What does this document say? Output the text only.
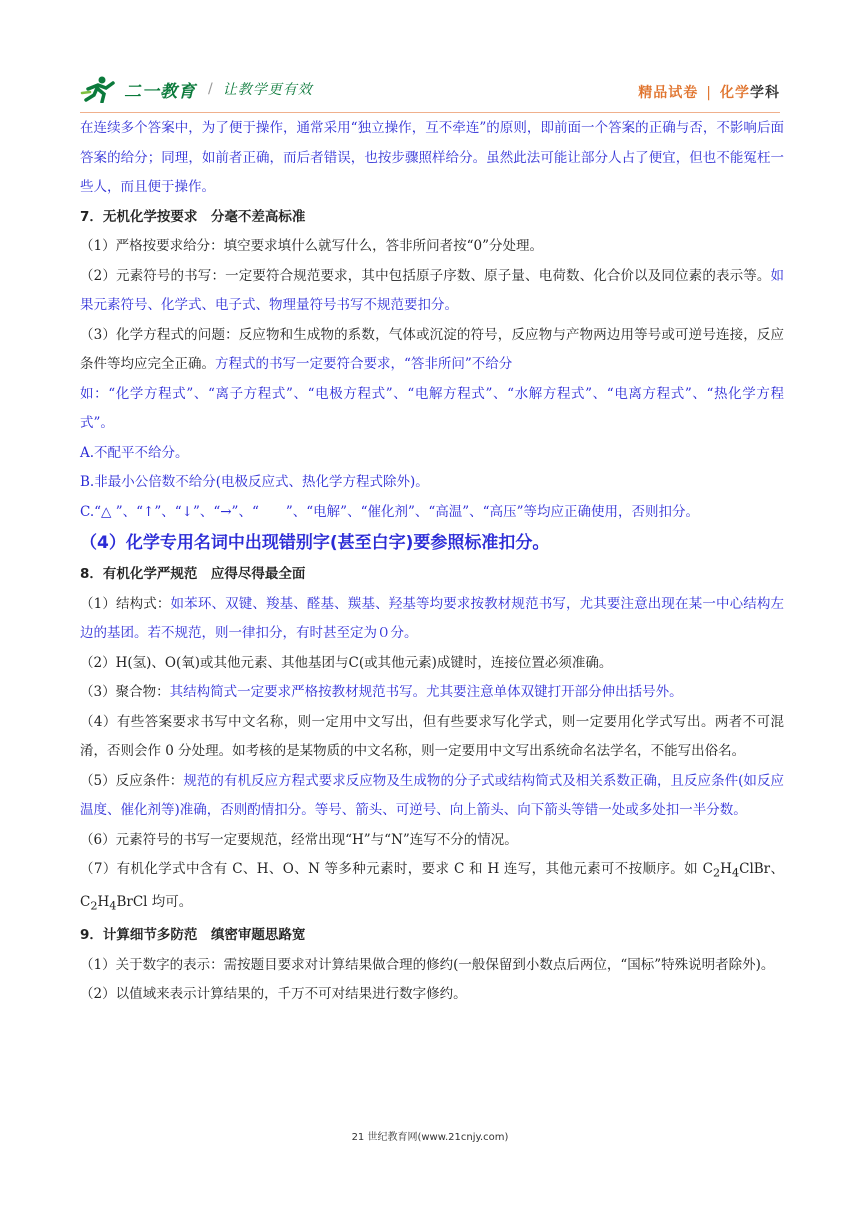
二一教育 / 让教学更有效	精品试卷 | 化学学科

在连续多个答案中，为了便于操作，通常采用“独立操作，互不牵连”的原则，即前面一个答案的正确与否，不影响后面答案的给分；同理，如前者正确，而后者错误，也按步骤照样给分。虽然此法可能让部分人占了便宜，但也不能冤枉一些人，而且便于操作。

7．无机化学按要求　分毫不差高标准

（1）严格按要求给分：填空要求填什么就写什么，答非所问者按“0”分处理。

（2）元素符号的书写：一定要符合规范要求，其中包括原子序数、原子量、电荷数、化合价以及同位素的表示等。如果元素符号、化学式、电子式、物理量符号书写不规范要扣分。

（3）化学方程式的问题：反应物和生成物的系数，气体或沉淀的符号，反应物与产物两边用等号或可逆号连接，反应条件等均应完全正确。方程式的书写一定要符合要求，“答非所问”不给分

如：“化学方程式”、“离子方程式”、“电极方程式”、“电解方程式”、“水解方程式”、“电离方程式”、“热化学方程式”。

A.不配平不给分。

B.非最小公倍数不给分(电极反应式、热化学方程式除外)。

C.“△ ”、“↑”、“↓”、“→”、“　　”、“电解”、“催化剂”、“高温”、“高压”等均应正确使用，否则扣分。

（4）化学专用名词中出现错别字(甚至白字)要参照标准扣分。

8．有机化学严规范　应得尽得最全面

（1）结构式：如苯环、双键、羧基、醛基、羰基、羟基等均要求按教材规范书写，尤其要注意出现在某一中心结构左边的基团。若不规范，则一律扣分，有时甚至定为０分。

（2）H(氢)、O(氧)或其他元素、其他基团与C(或其他元素)成键时，连接位置必须准确。

（3）聚合物：其结构简式一定要求严格按教材规范书写。尤其要注意单体双键打开部分伸出括号外。

（4）有些答案要求书写中文名称，则一定用中文写出，但有些要求写化学式，则一定要用化学式写出。两者不可混淆，否则会作 0 分处理。如考核的是某物质的中文名称，则一定要用中文写出系统命名法学名，不能写出俗名。

（5）反应条件：规范的有机反应方程式要求反应物及生成物的分子式或结构简式及相关系数正确，且反应条件(如反应温度、催化剂等)准确，否则酌情扣分。等号、箭头、可逆号、向上箭头、向下箭头等错一处或多处扣一半分数。

（6）元素符号的书写一定要规范，经常出现“H”与“N”连写不分的情况。

（7）有机化学式中含有 C、H、O、N 等多种元素时，要求 C 和 H 连写，其他元素可不按顺序。如 $C_2H_4ClBr$、$C_2H_4BrCl$ 均可。

9．计算细节多防范　缜密审题思路宽

（1）关于数字的表示：需按题目要求对计算结果做合理的修约(一般保留到小数点后两位，“国标”特殊说明者除外)。

（2）以值域来表示计算结果的，千万不可对结果进行数字修约。

21 世纪教育网(www.21cnjy.com)
